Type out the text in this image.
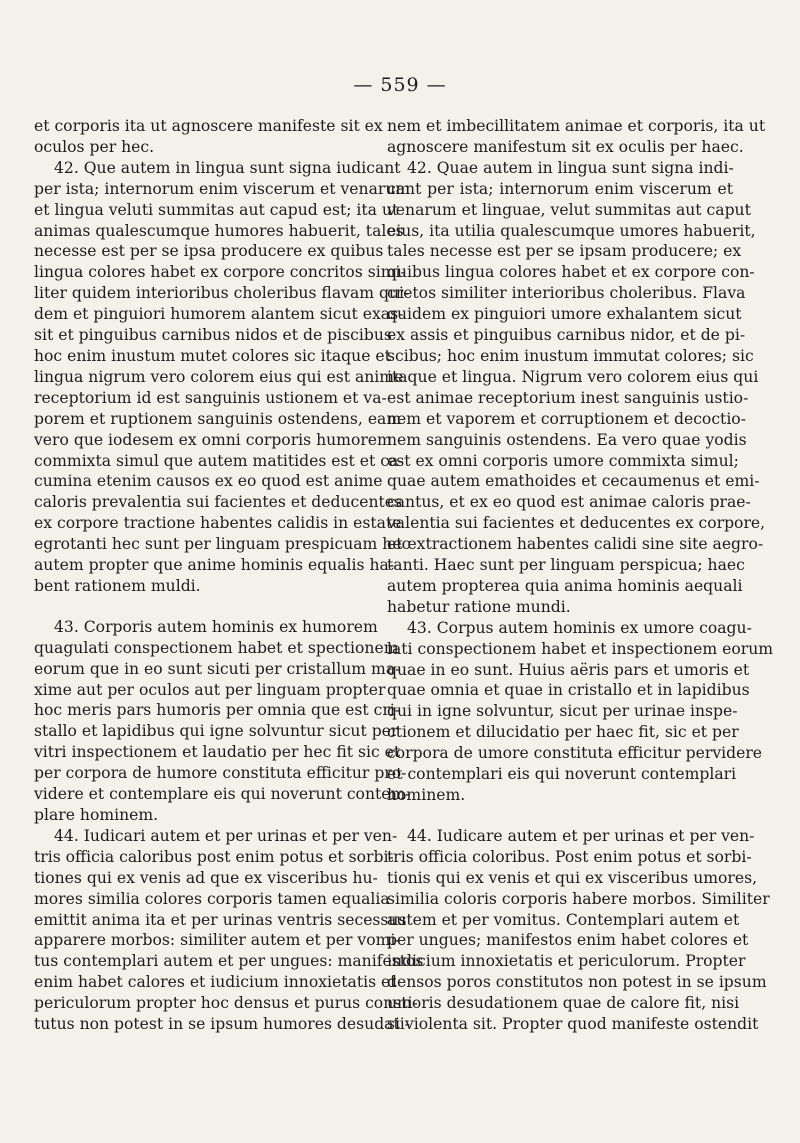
— 559 —

et corporis ita ut agnoscere manifeste sit ex

oculos per hec.

42. Que autem in lingua sunt signa iudicant

per ista; internorum enim viscerum et venarum

et lingua veluti summitas aut capud est; ita ut

animas qualescumque humores habuerit, tales

necesse est per se ipsa producere ex quibus

lingua colores habet ex corpore concritos simi-

liter quidem interioribus choleribus flavam qui-

dem et pinguiori humorem alantem sicut exas-

sit et pinguibus carnibus nidos et de piscibus

hoc enim inustum mutet colores sic itaque et

lingua nigrum vero colorem eius qui est anime

receptorium id est sanguinis ustionem et va-

porem et ruptionem sanguinis ostendens, eam

vero que iodesem ex omni corporis humorem

commixta simul que autem matitides est et ca-

cumina etenim causos ex eo quod est anime

caloris prevalentia sui facientes et deducentes

ex corpore tractione habentes calidis in estate

egrotanti hec sunt per linguam prespicuam hec

autem propter que anime hominis equalis ha-

bent rationem muldi.

43. Corporis autem hominis ex humorem

quagulati conspectionem habet et spectionem

eorum que in eo sunt sicuti per cristallum ma-

xime aut per oculos aut per linguam propter

hoc meris pars humoris per omnia que est cri-

stallo et lapidibus qui igne solvuntur sicut per

vitri inspectionem et laudatio per hec fit sic et

per corpora de humore constituta efficitur pro-

videre et contemplare eis qui noverunt contem-

plare hominem.

44. Iudicari autem et per urinas et per ven-

tris officia caloribus post enim potus et sorbi-

tiones qui ex venis ad que ex visceribus hu-

mores similia colores corporis tamen equalia

emittit anima ita et per urinas ventris secessus

apparere morbos: similiter autem et per vomi-

tus contemplari autem et per ungues: manifestos

enim habet calores et iudicium innoxietatis et

periculorum propter hoc densus et purus consti-

tutus non potest in se ipsum humores desudati-

nem et imbecillitatem animae et corporis, ita ut

agnoscere manifestum sit ex oculis per haec.

42. Quae autem in lingua sunt signa indi-

cant per ista; internorum enim viscerum et

venarum et linguae, velut summitas aut caput

eius, ita utilia qualescumque umores habuerit,

tales necesse est per se ipsam producere; ex

quibus lingua colores habet et ex corpore con-

cretos similiter interioribus choleribus. Flava

quidem ex pinguiori umore exhalantem sicut

ex assis et pinguibus carnibus nidor, et de pi-

scibus; hoc enim inustum immutat colores; sic

itaque et lingua. Nigrum vero colorem eius qui

est animae receptorium inest sanguinis ustio-

nem et vaporem et corruptionem et decoctio-

nem sanguinis ostendens. Ea vero quae yodis

est ex omni corporis umore commixta simul;

quae autem emathoides et cecaumenus et emi-

cantus, et ex eo quod est animae caloris prae-

valentia sui facientes et deducentes ex corpore,

et extractionem habentes calidi sine site aegro-

tanti. Haec sunt per linguam perspicua; haec

autem propterea quia anima hominis aequali

habetur ratione mundi.

43. Corpus autem hominis ex umore coagu-

lati conspectionem habet et inspectionem eorum

quae in eo sunt. Huius aëris pars et umoris et

quae omnia et quae in cristallo et in lapidibus

qui in igne solvuntur, sicut per urinae inspe-

ctionem et dilucidatio per haec fit, sic et per

corpora de umore constituta efficitur pervidere

et contemplari eis qui noverunt contemplari

hominem.

44. Iudicare autem et per urinas et per ven-

tris officia coloribus. Post enim potus et sorbi-

tionis qui ex venis et qui ex visceribus umores,

similia coloris corporis habere morbos. Similiter

autem et per vomitus. Contemplari autem et

per ungues; manifestos enim habet colores et

indicium innoxietatis et periculorum. Propter

densos poros constitutos non potest in se ipsum

umoris desudationem quae de calore fit, nisi

si violenta sit. Propter quod manifeste ostendit
